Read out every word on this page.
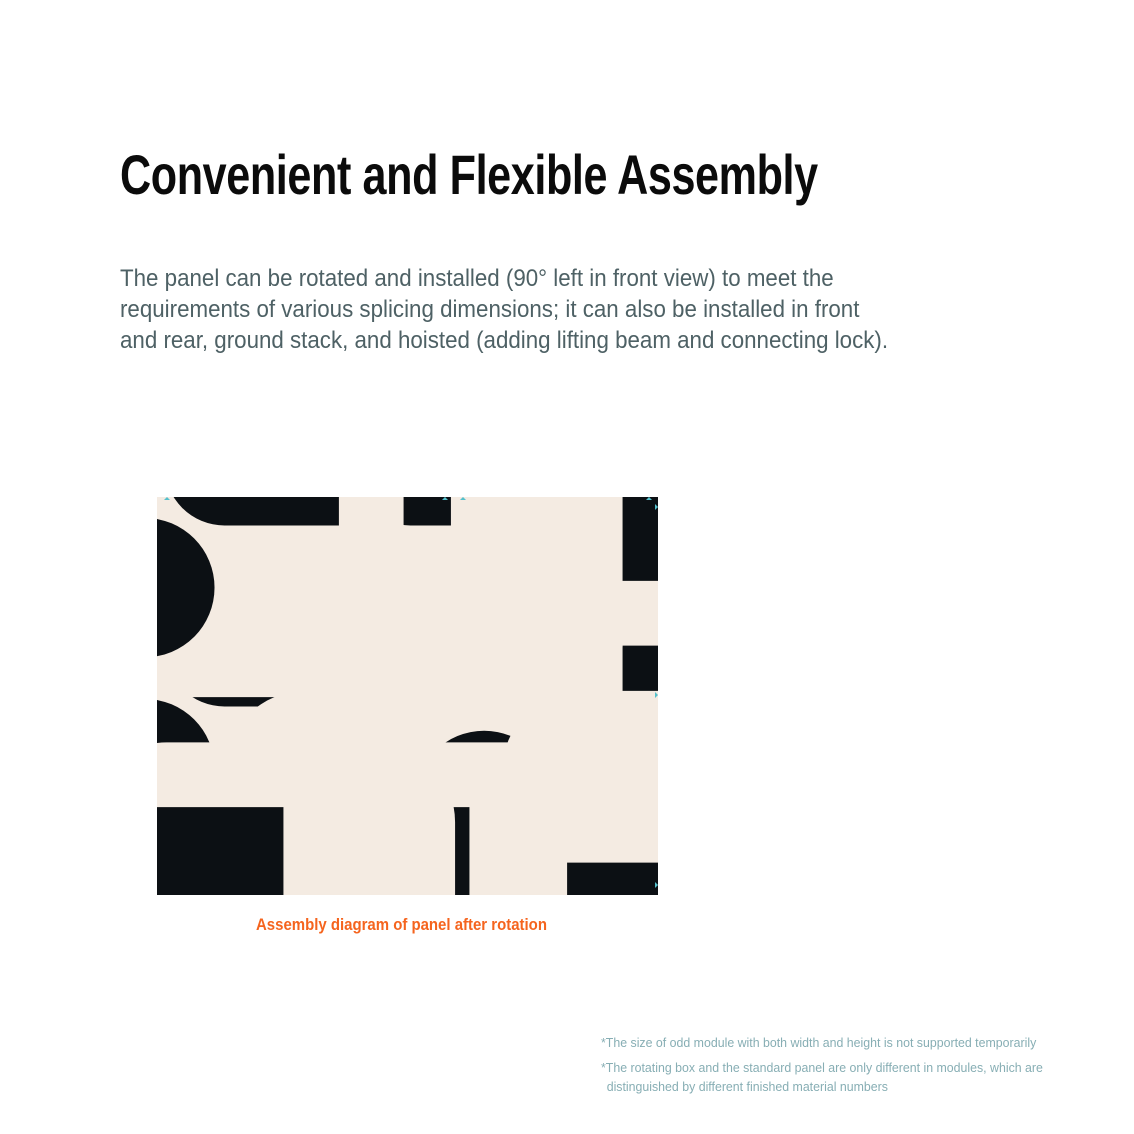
Convenient and Flexible Assembly
The panel can be rotated and installed (90° left in front view) to meet the
requirements of various splicing dimensions; it can also be installed in front
and rear, ground stack, and hoisted (adding lifting beam and connecting lock).
Assembly diagram of panel after rotation

*The size of odd module with both width and height is not supported temporarily

*The rotating box and the standard panel are only different in modules, which are
distinguished by different finished material numbers
